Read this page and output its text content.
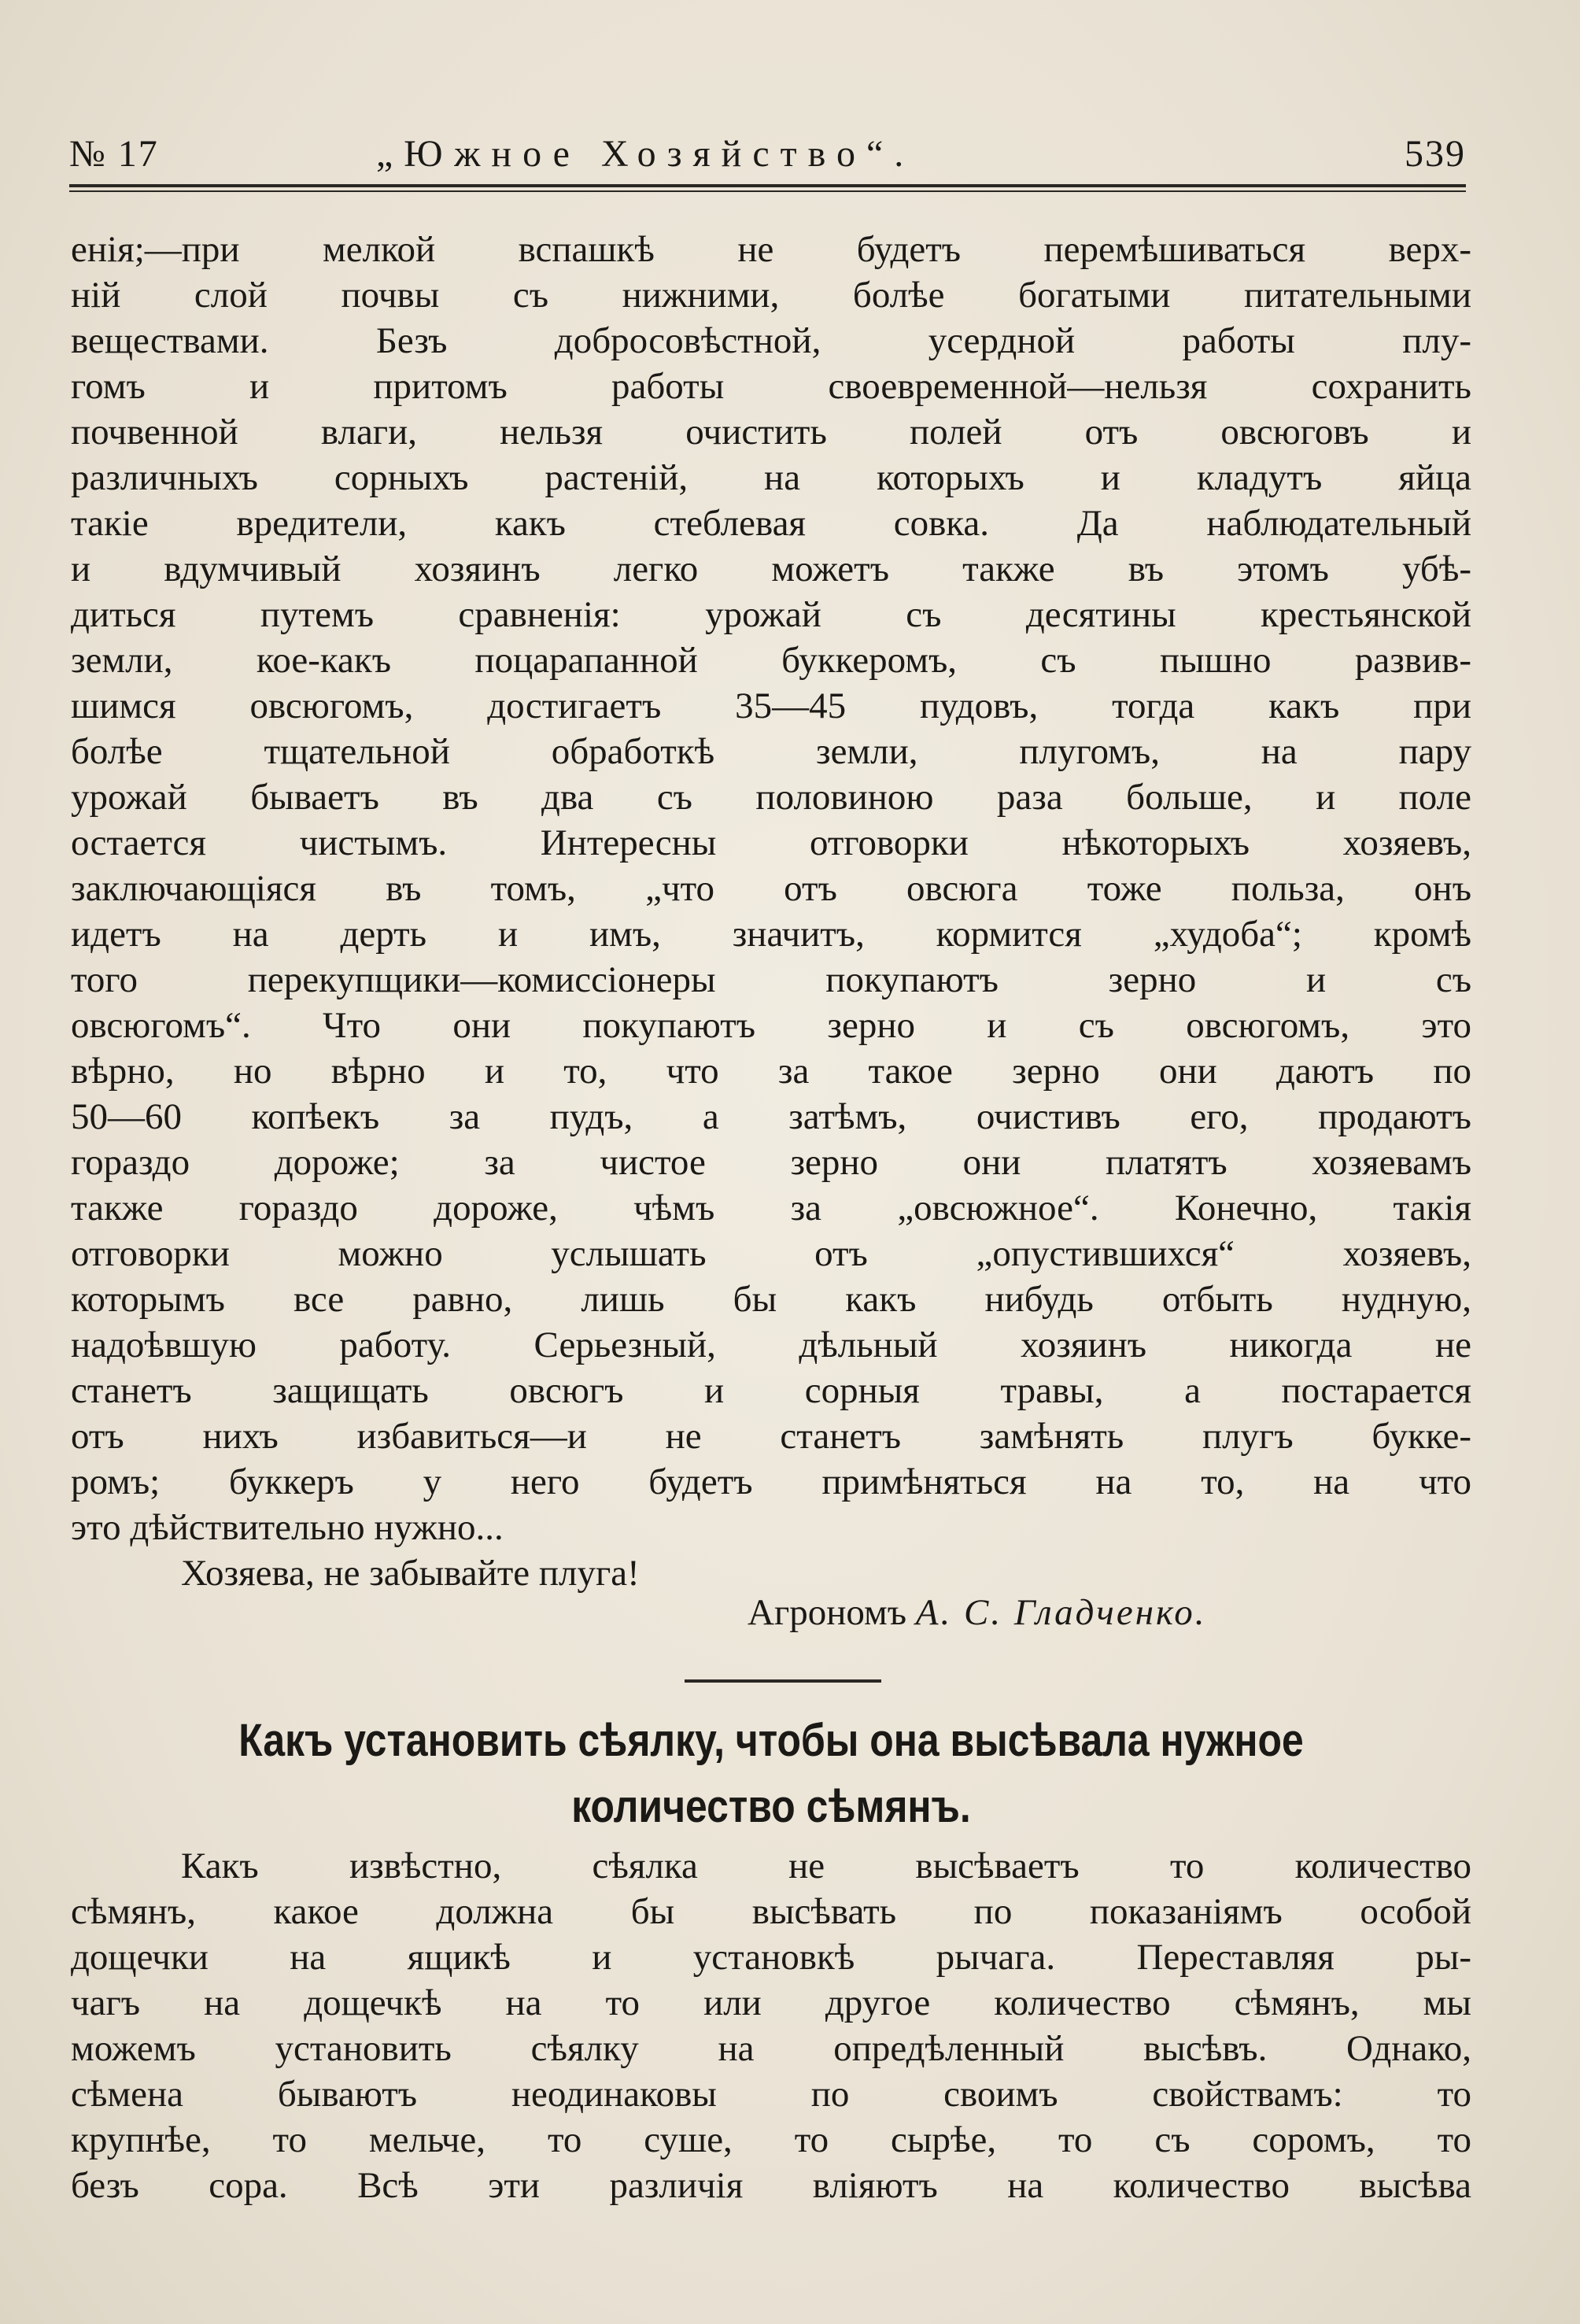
№ 17	„Южное Хозяйство“.	539
енія;—при мелкой вспашкѣ не будетъ перемѣшиваться верх-
ній слой почвы съ нижними, болѣе богатыми питательными
веществами. Безъ добросовѣстной, усердной работы плу-
гомъ и притомъ работы своевременной—нельзя сохранить
почвенной влаги, нельзя очистить полей отъ овсюговъ и
различныхъ сорныхъ растеній, на которыхъ и кладутъ яйца
такіе вредители, какъ стеблевая совка. Да наблюдательный
и вдумчивый хозяинъ легко можетъ также въ этомъ убѣ-
диться путемъ сравненія: урожай съ десятины крестьянской
земли, кое-какъ поцарапанной буккеромъ, съ пышно развив-
шимся овсюгомъ, достигаетъ 35—45 пудовъ, тогда какъ при
болѣе тщательной обработкѣ земли, плугомъ, на пару
урожай бываетъ въ два съ половиною раза больше, и поле
остается чистымъ. Интересны отговорки нѣкоторыхъ хозяевъ,
заключающіяся въ томъ, „что отъ овсюга тоже польза, онъ
идетъ на дерть и имъ, значитъ, кормится „худоба“; кромѣ
того перекупщики—комиссіонеры покупаютъ зерно и съ
овсюгомъ“. Что они покупаютъ зерно и съ овсюгомъ, это
вѣрно, но вѣрно и то, что за такое зерно они даютъ по
50—60 копѣекъ за пудъ, а затѣмъ, очистивъ его, продаютъ
гораздо дороже; за чистое зерно они платятъ хозяевамъ
также гораздо дороже, чѣмъ за „овсюжное“. Конечно, такія
отговорки можно услышать отъ „опустившихся“ хозяевъ,
которымъ все равно, лишь бы какъ нибудь отбыть нудную,
надоѣвшую работу. Серьезный, дѣльный хозяинъ никогда не
станетъ защищать овсюгъ и сорныя травы, а постарается
отъ нихъ избавиться—и не станетъ замѣнять плугъ букке-
ромъ; буккеръ у него будетъ примѣняться на то, на что
это дѣйствительно нужно...
Хозяева, не забывайте плуга!
Агрономъ А. С. Гладченко.
Какъ установить сѣялку, чтобы она высѣвала нужное
количество сѣмянъ.
Какъ извѣстно, сѣялка не высѣваетъ то количество
сѣмянъ, какое должна бы высѣвать по показаніямъ особой
дощечки на ящикѣ и установкѣ рычага. Переставляя ры-
чагъ на дощечкѣ на то или другое количество сѣмянъ, мы
можемъ установить сѣялку на опредѣленный высѣвъ. Однако,
сѣмена бываютъ неодинаковы по своимъ свойствамъ: то
крупнѣе, то мельче, то суше, то сырѣе, то съ соромъ, то
безъ сора. Всѣ эти различія вліяютъ на количество высѣва
